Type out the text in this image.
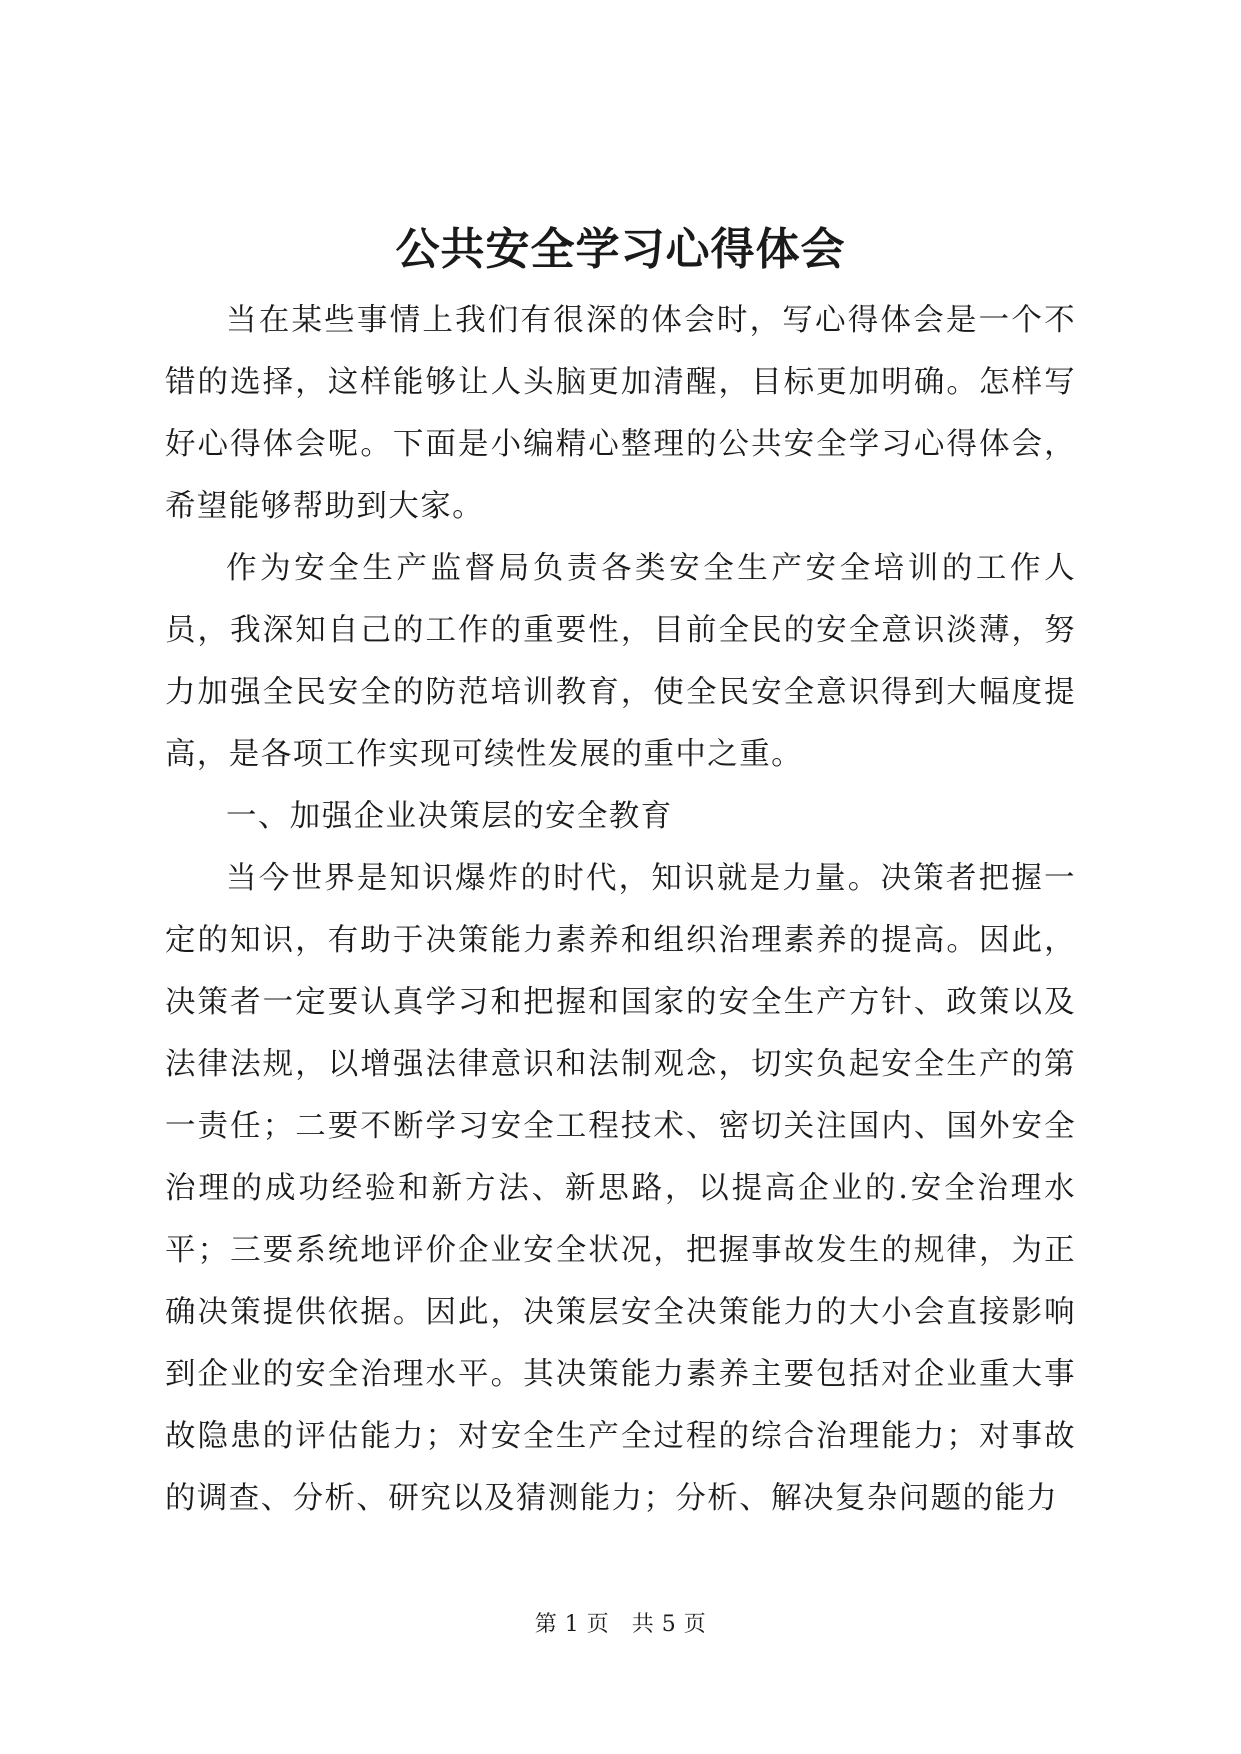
公共安全学习心得体会

当在某些事情上我们有很深的体会时，写心得体会是一个不错的选择，这样能够让人头脑更加清醒，目标更加明确。怎样写好心得体会呢。下面是小编精心整理的公共安全学习心得体会，希望能够帮助到大家。

作为安全生产监督局负责各类安全生产安全培训的工作人员，我深知自己的工作的重要性，目前全民的安全意识淡薄，努力加强全民安全的防范培训教育，使全民安全意识得到大幅度提高，是各项工作实现可续性发展的重中之重。

一、加强企业决策层的安全教育

当今世界是知识爆炸的时代，知识就是力量。决策者把握一定的知识，有助于决策能力素养和组织治理素养的提高。因此，决策者一定要认真学习和把握和国家的安全生产方针、政策以及法律法规，以增强法律意识和法制观念，切实负起安全生产的第一责任；二要不断学习安全工程技术、密切关注国内、国外安全治理的成功经验和新方法、新思路，以提高企业的.安全治理水平；三要系统地评价企业安全状况，把握事故发生的规律，为正确决策提供依据。因此，决策层安全决策能力的大小会直接影响到企业的安全治理水平。其决策能力素养主要包括对企业重大事故隐患的评估能力；对安全生产全过程的综合治理能力；对事故的调查、分析、研究以及猜测能力；分析、解决复杂问题的能力

第 1 页   共 5 页
